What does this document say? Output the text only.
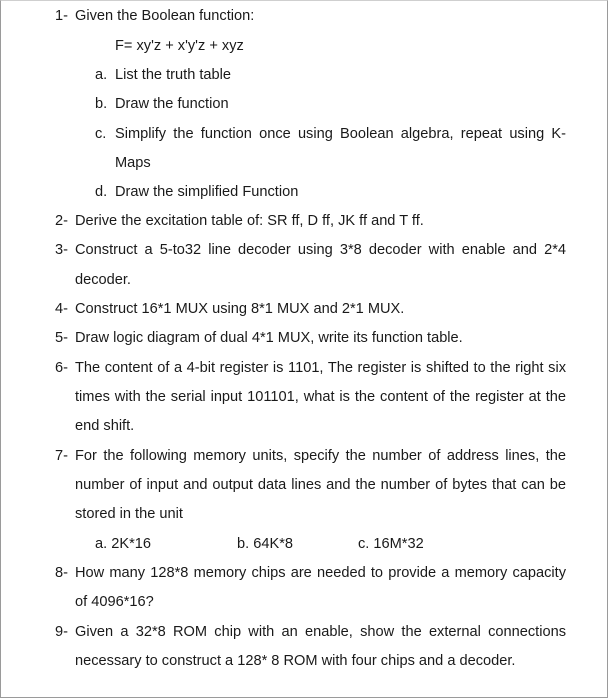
1- Given the Boolean function:
F= xy'z + x'y'z + xyz
a. List the truth table
b. Draw the function
c. Simplify the function once using Boolean algebra, repeat using K-
Maps
d. Draw the simplified Function
2- Derive the excitation table of: SR ff, D ff, JK ff and T ff.
3- Construct a 5-to32 line decoder using 3*8 decoder with enable and 2*4
decoder.
4- Construct 16*1 MUX using 8*1 MUX and 2*1 MUX.
5- Draw logic diagram of dual 4*1 MUX, write its function table.
6- The content of a 4-bit register is 1101, The register is shifted to the right six
times with the serial input 101101, what is the content of the register at the
end shift.
7- For the following memory units, specify the number of address lines, the
number of input and output data lines and the number of bytes that can be
stored in the unit
a. 2K*16	b. 64K*8	c. 16M*32
8- How many 128*8 memory chips are needed to provide a memory capacity
of 4096*16?
9- Given a 32*8 ROM chip with an enable, show the external connections
necessary to construct a 128* 8 ROM with four chips and a decoder.
